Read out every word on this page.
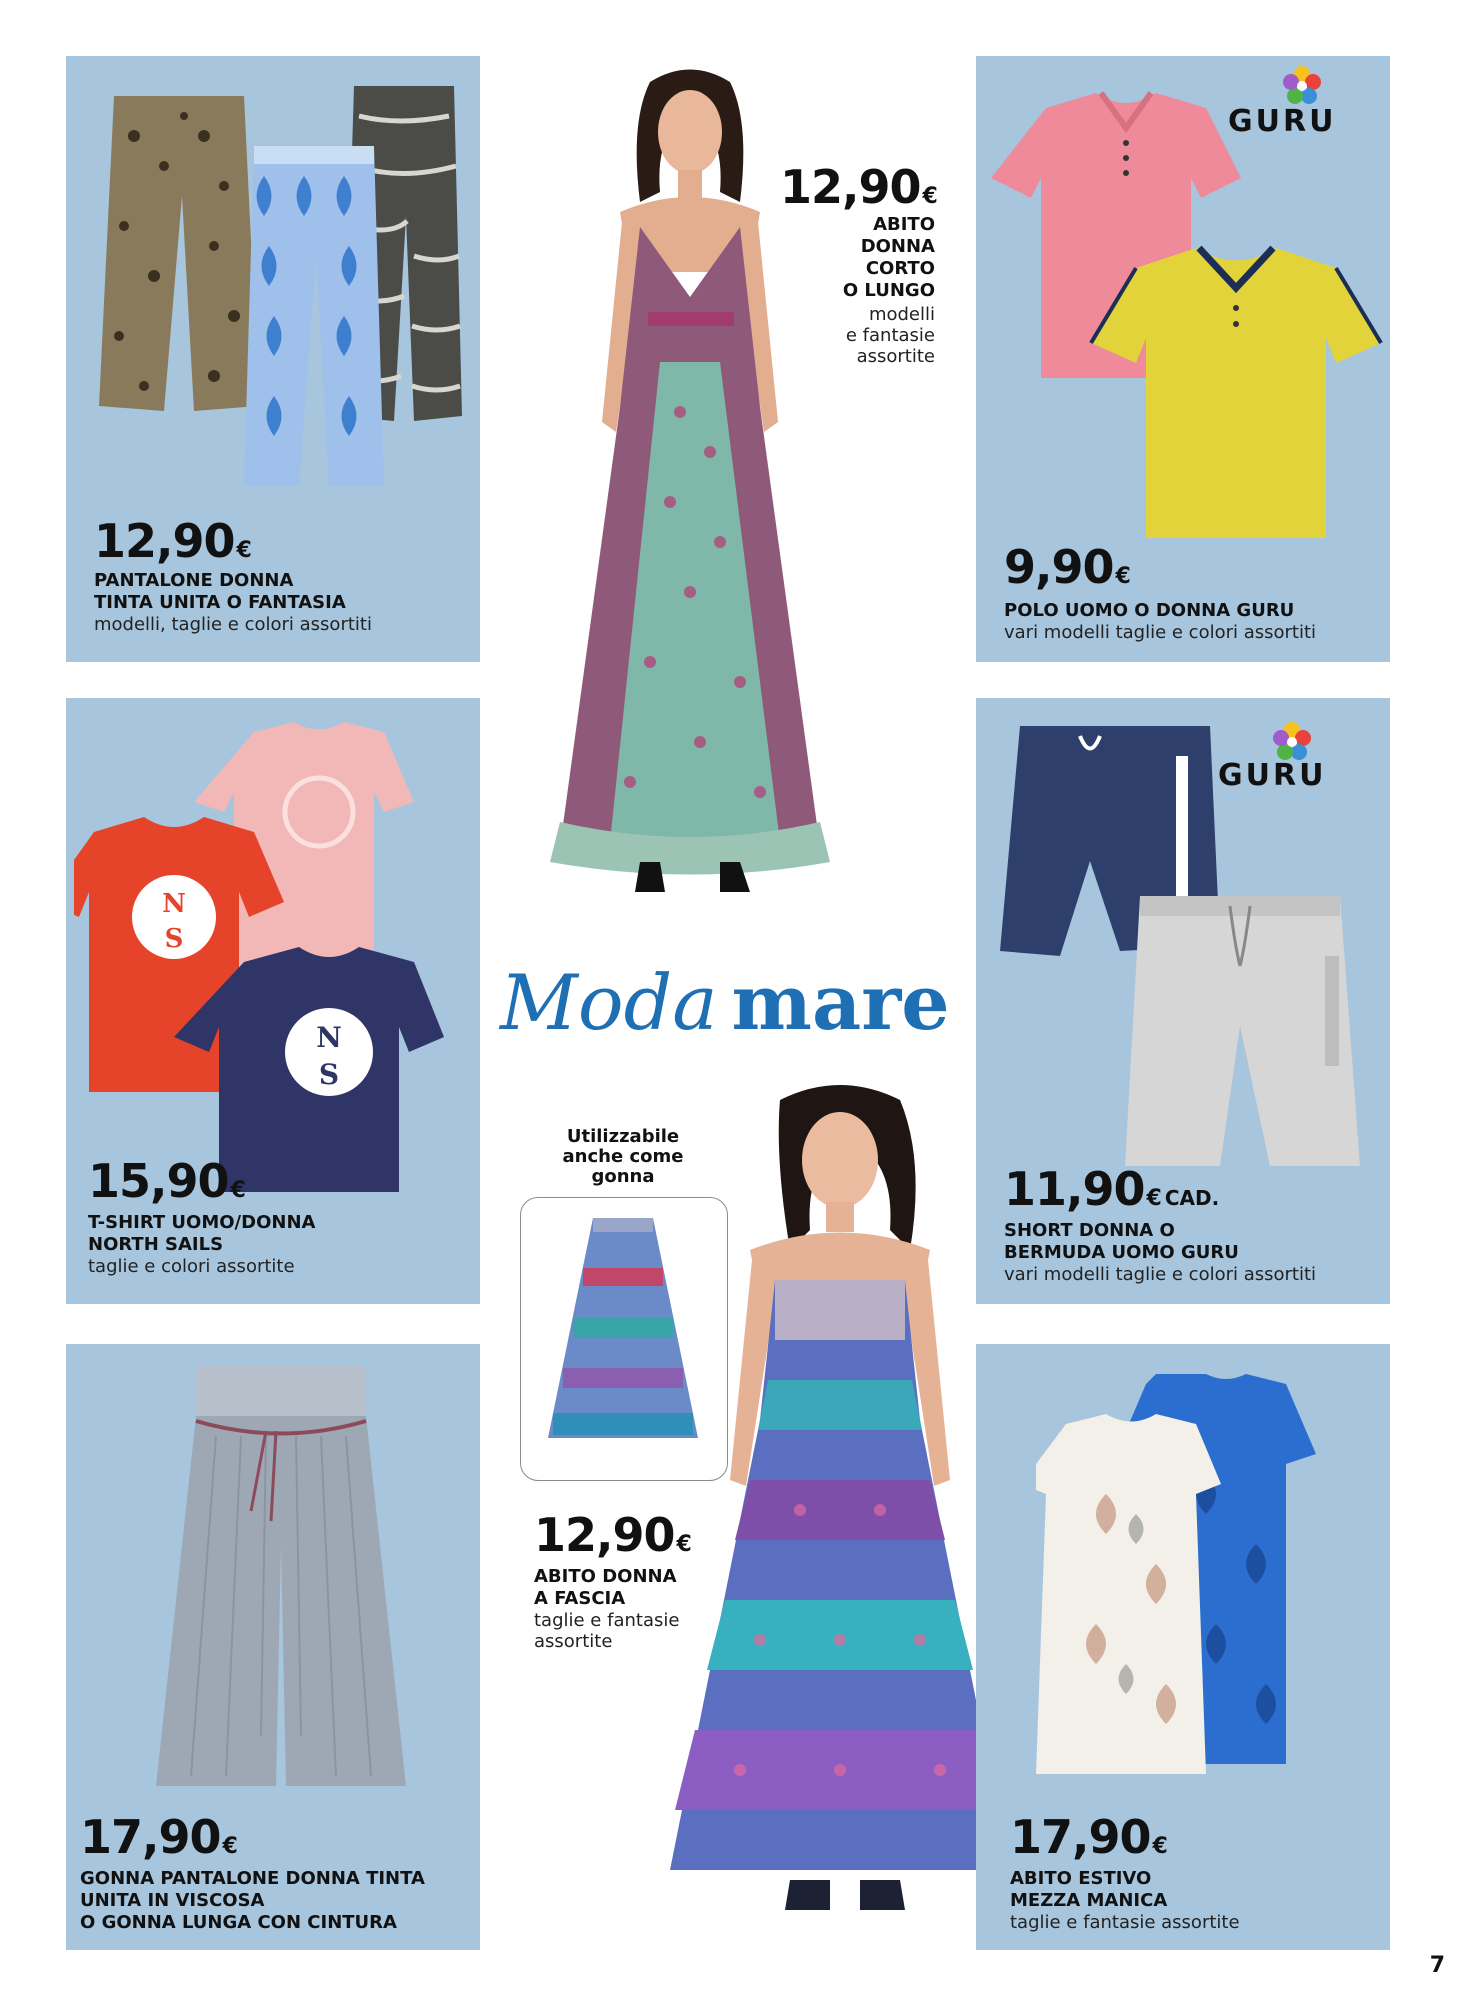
12,90€
PANTALONE DONNA
TINTA UNITA O FANTASIA
modelli, taglie e colori assortiti
12,90€
ABITO
DONNA
CORTO
O LUNGO
modelli
e fantasie
assortite
GURU
9,90€
POLO UOMO O DONNA GURU
vari modelli taglie e colori assortiti
N
S
N
S
15,90€
T-SHIRT UOMO/DONNA
NORTH SAILS
taglie e colori assortite
Moda mare
GURU
11,90€ CAD.
SHORT DONNA O
BERMUDA UOMO GURU
vari modelli taglie e colori assortiti
Utilizzabile
anche come
gonna
12,90€
ABITO DONNA
A FASCIA
taglie e fantasie
assortite
17,90€
GONNA PANTALONE DONNA TINTA
UNITA IN VISCOSA
O GONNA LUNGA CON CINTURA
17,90€
ABITO ESTIVO
MEZZA MANICA
taglie e fantasie assortite
7
